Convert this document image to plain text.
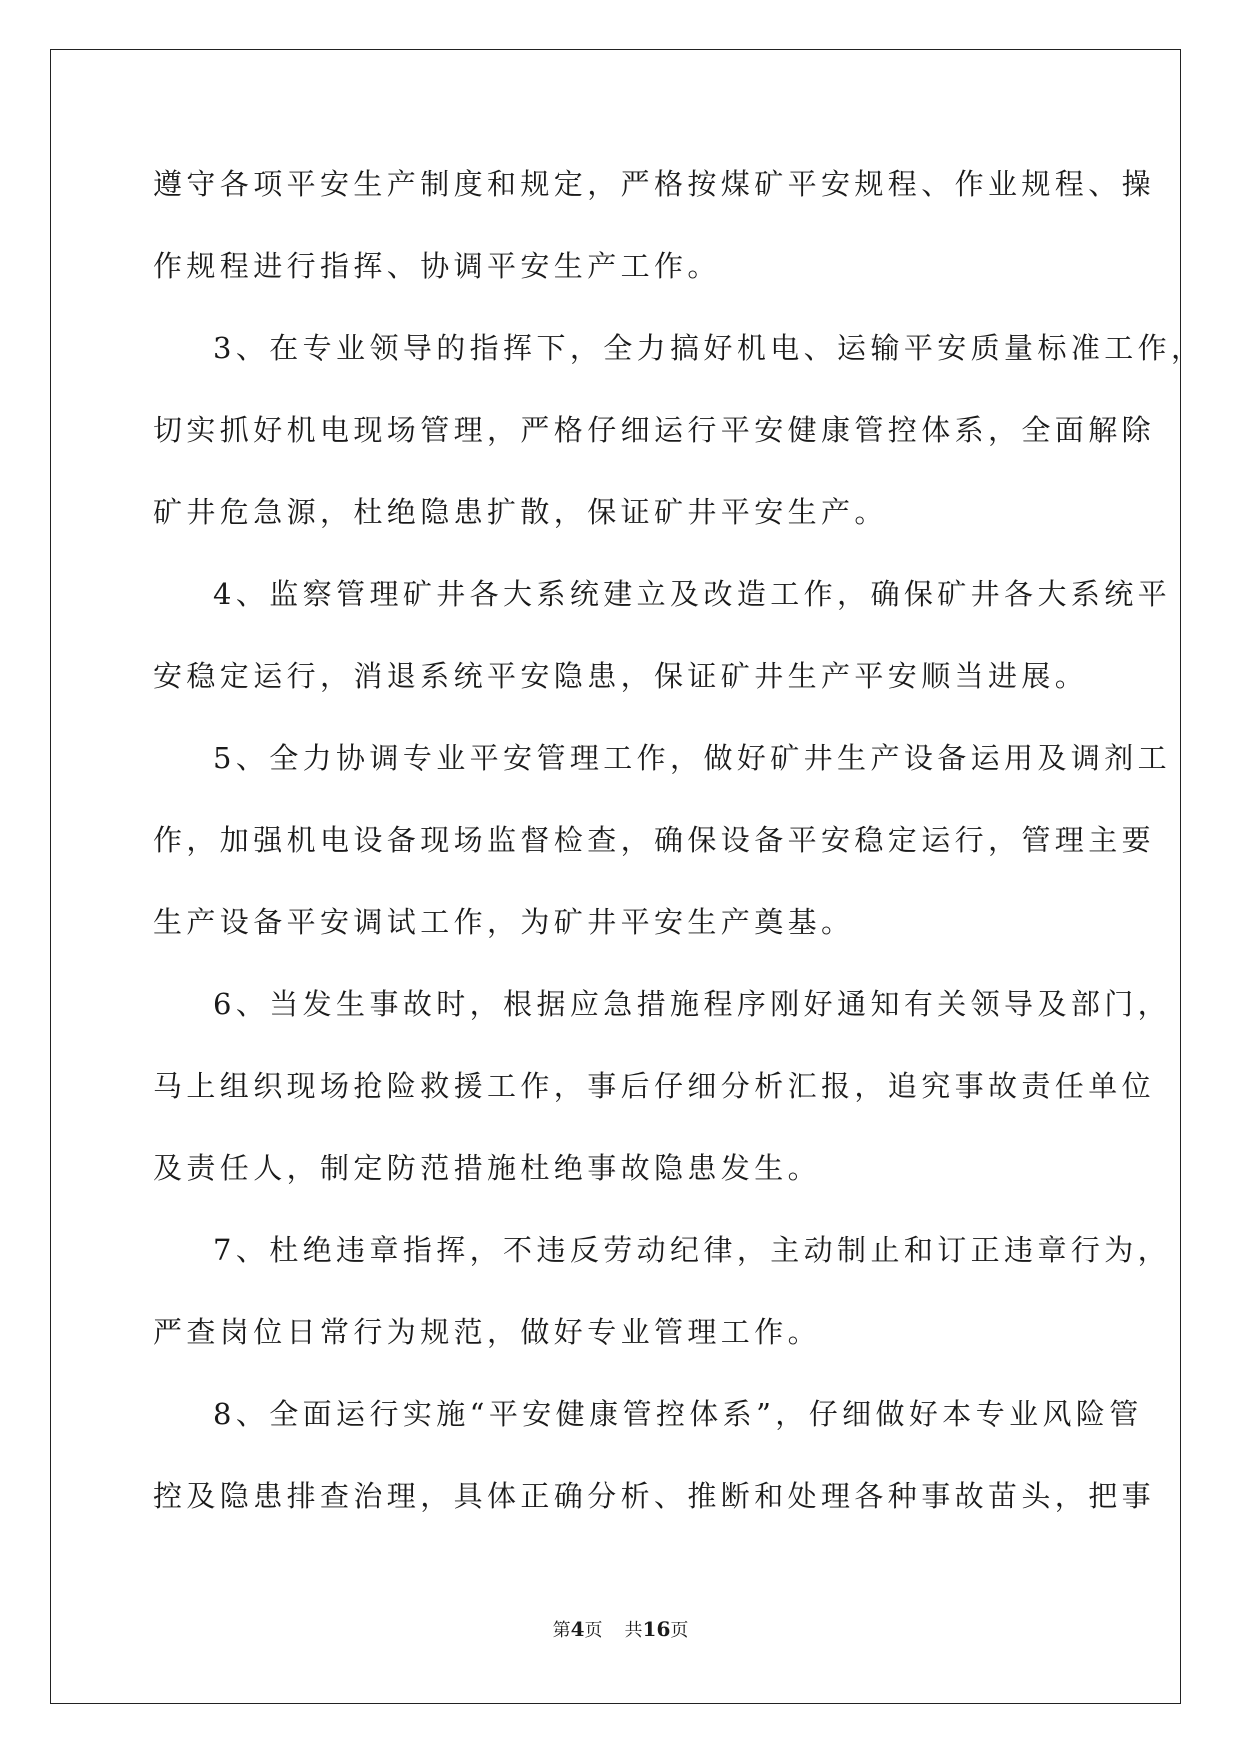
遵守各项平安生产制度和规定，严格按煤矿平安规程、作业规程、操
作规程进行指挥、协调平安生产工作。
3、在专业领导的指挥下，全力搞好机电、运输平安质量标准工作，
切实抓好机电现场管理，严格仔细运行平安健康管控体系，全面解除
矿井危急源，杜绝隐患扩散，保证矿井平安生产。
4、监察管理矿井各大系统建立及改造工作，确保矿井各大系统平
安稳定运行，消退系统平安隐患，保证矿井生产平安顺当进展。
5、全力协调专业平安管理工作，做好矿井生产设备运用及调剂工
作，加强机电设备现场监督检查，确保设备平安稳定运行，管理主要
生产设备平安调试工作，为矿井平安生产奠基。
6、当发生事故时，根据应急措施程序刚好通知有关领导及部门，
马上组织现场抢险救援工作，事后仔细分析汇报，追究事故责任单位
及责任人，制定防范措施杜绝事故隐患发生。
7、杜绝违章指挥，不违反劳动纪律，主动制止和订正违章行为，
严查岗位日常行为规范，做好专业管理工作。
8、全面运行实施“平安健康管控体系”，仔细做好本专业风险管
控及隐患排查治理，具体正确分析、推断和处理各种事故苗头，把事
第4页 共16页
